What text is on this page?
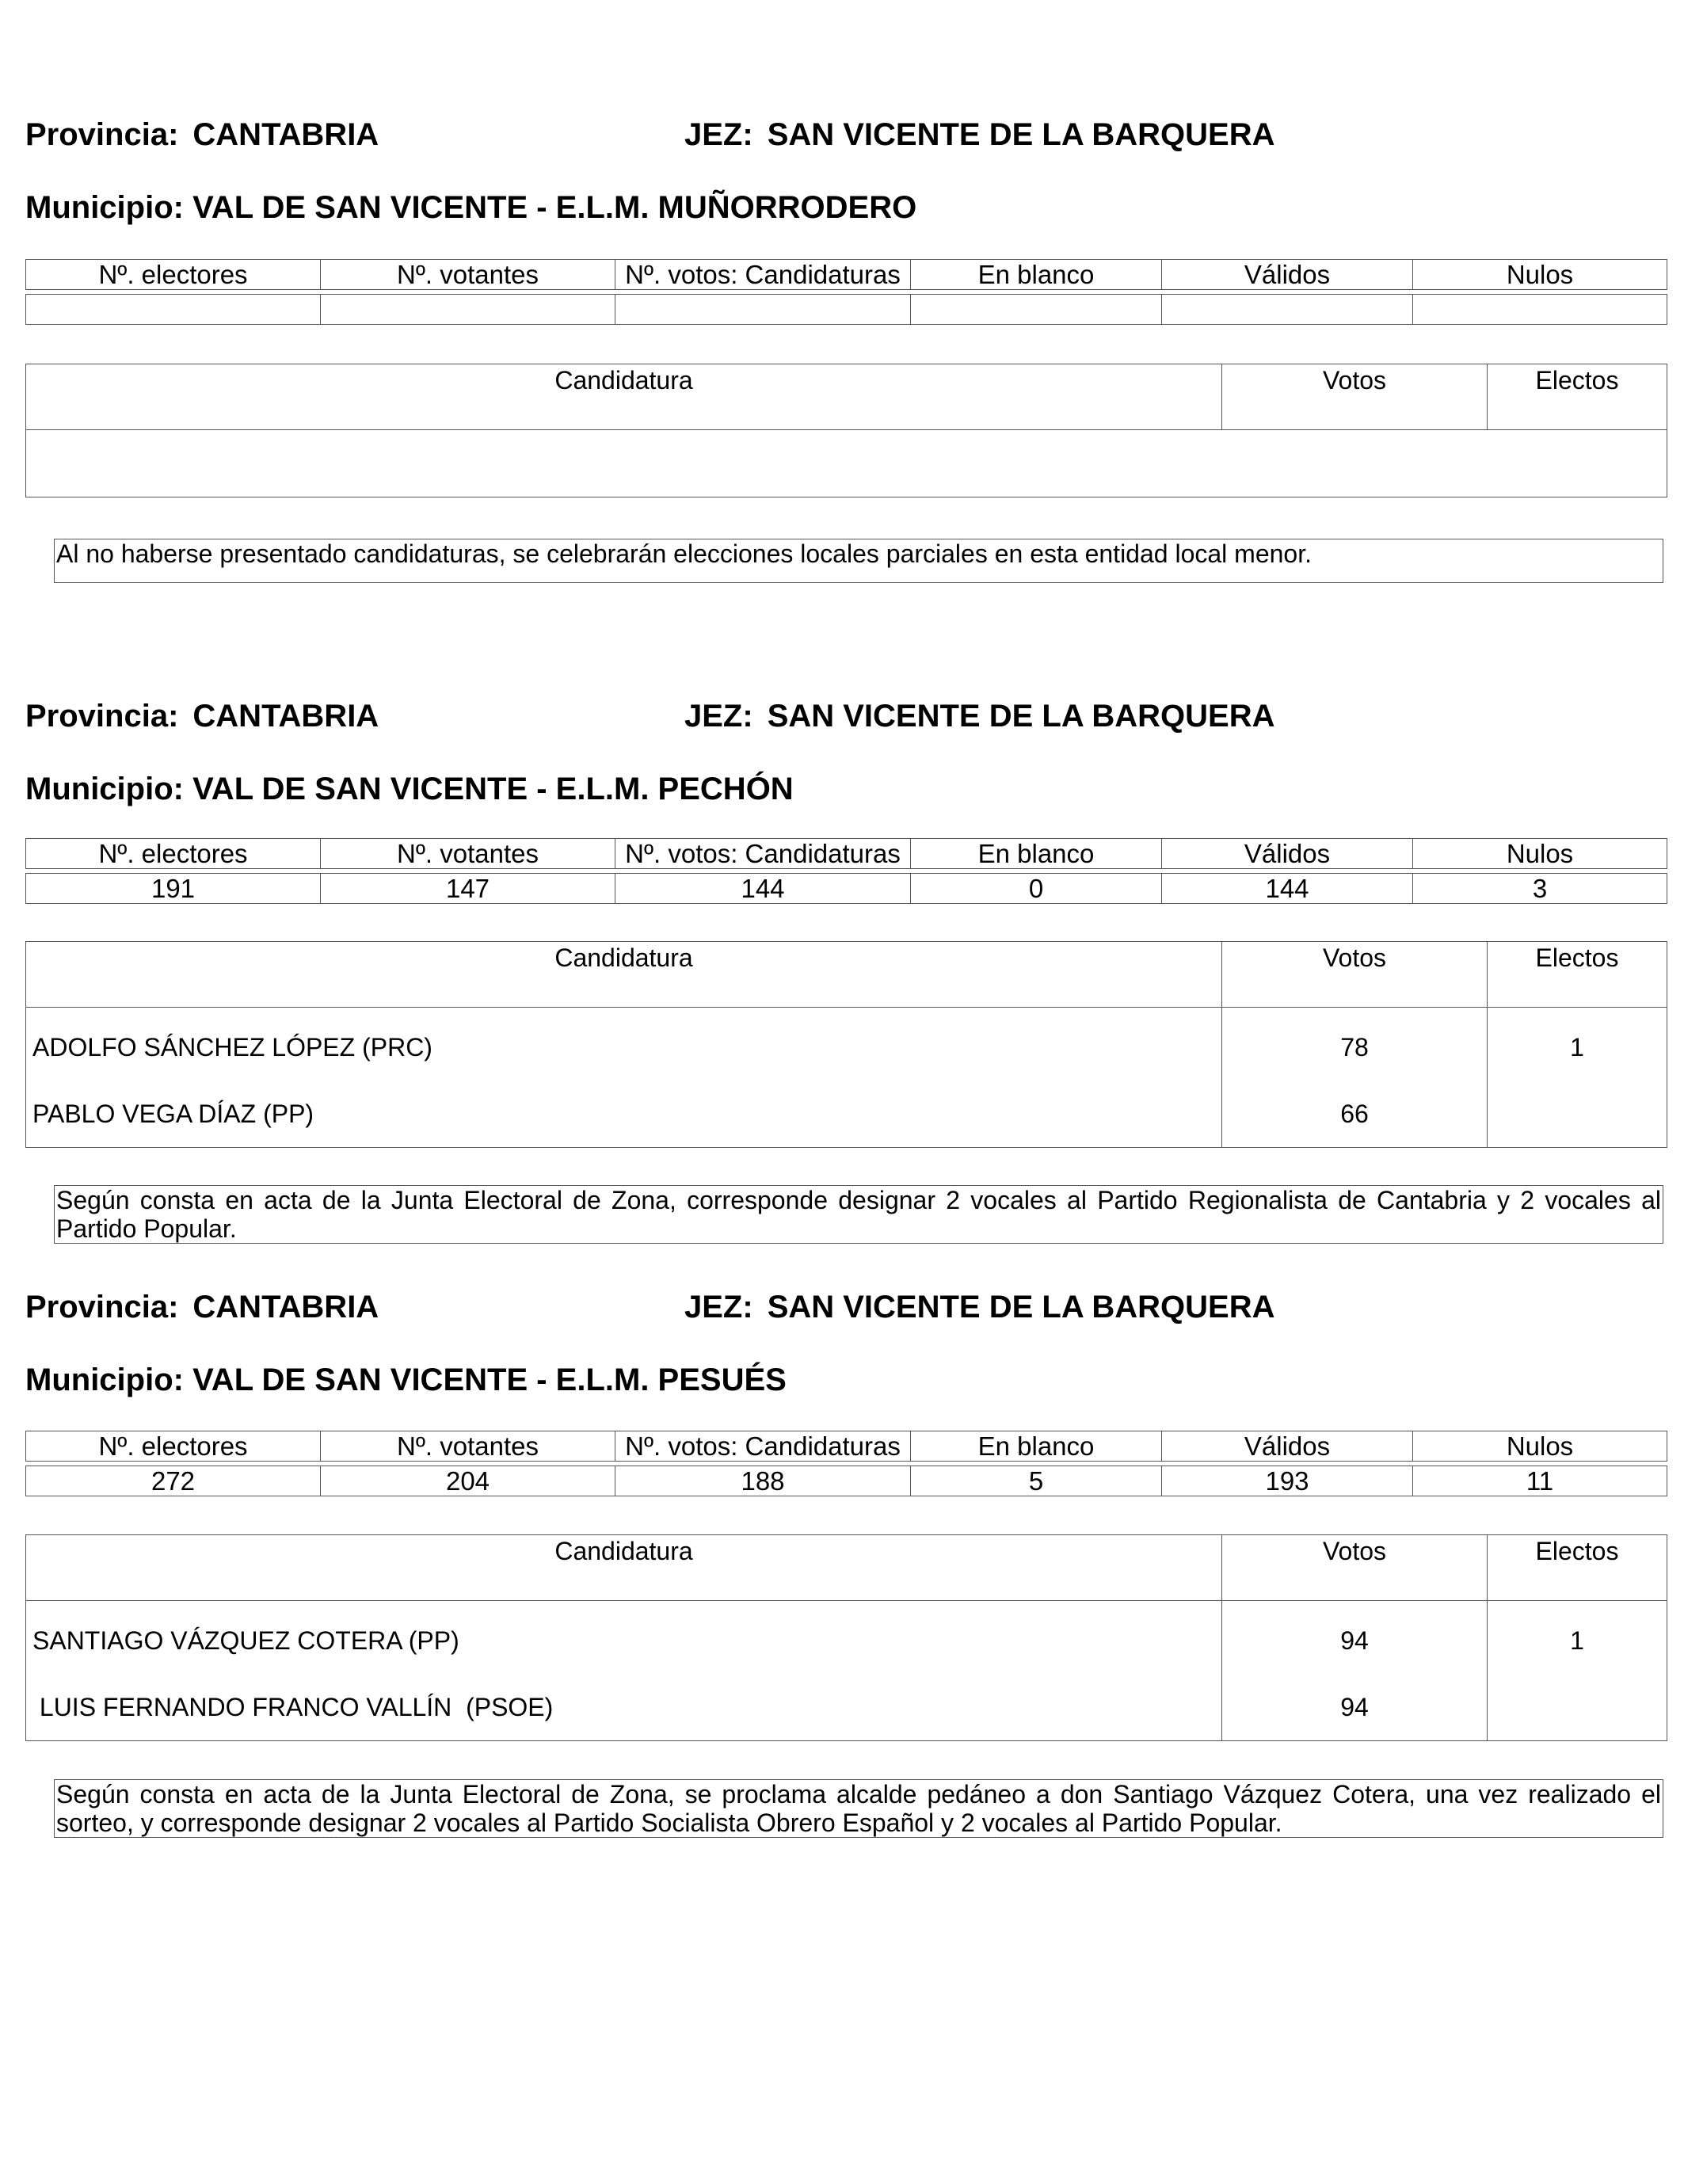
Provincia: CANTABRIA	JEZ: SAN VICENTE DE LA BARQUERA
Municipio: VAL DE SAN VICENTE - E.L.M. MUÑORRODERO
Nº. electores	Nº. votantes	Nº. votos: Candidaturas	En blanco	Válidos	Nulos

Candidatura	Votos	Electos

Al no haberse presentado candidaturas, se celebrarán elecciones locales parciales en esta entidad local menor.
Provincia: CANTABRIA	JEZ: SAN VICENTE DE LA BARQUERA
Municipio: VAL DE SAN VICENTE - E.L.M. PECHÓN
Nº. electores	Nº. votantes	Nº. votos: Candidaturas	En blanco	Válidos	Nulos

191	147	144	0	144	3
Candidatura	Votos	Electos
ADOLFO SÁNCHEZ LÓPEZ (PRC)	78	1
PABLO VEGA DÍAZ (PP)	66	
Según consta en acta de la Junta Electoral de Zona, corresponde designar 2 vocales al Partido Regionalista de Cantabria y 2 vocales al Partido Popular.
Provincia: CANTABRIA	JEZ: SAN VICENTE DE LA BARQUERA
Municipio: VAL DE SAN VICENTE - E.L.M. PESUÉS
Nº. electores	Nº. votantes	Nº. votos: Candidaturas	En blanco	Válidos	Nulos

272	204	188	5	193	11
Candidatura	Votos	Electos
SANTIAGO VÁZQUEZ COTERA (PP)	94	1
LUIS FERNANDO FRANCO VALLÍN  (PSOE)	94	
Según consta en acta de la Junta Electoral de Zona, se proclama alcalde pedáneo a don Santiago Vázquez Cotera, una vez realizado el sorteo, y corresponde designar 2 vocales al Partido Socialista Obrero Español y 2 vocales al Partido Popular.
